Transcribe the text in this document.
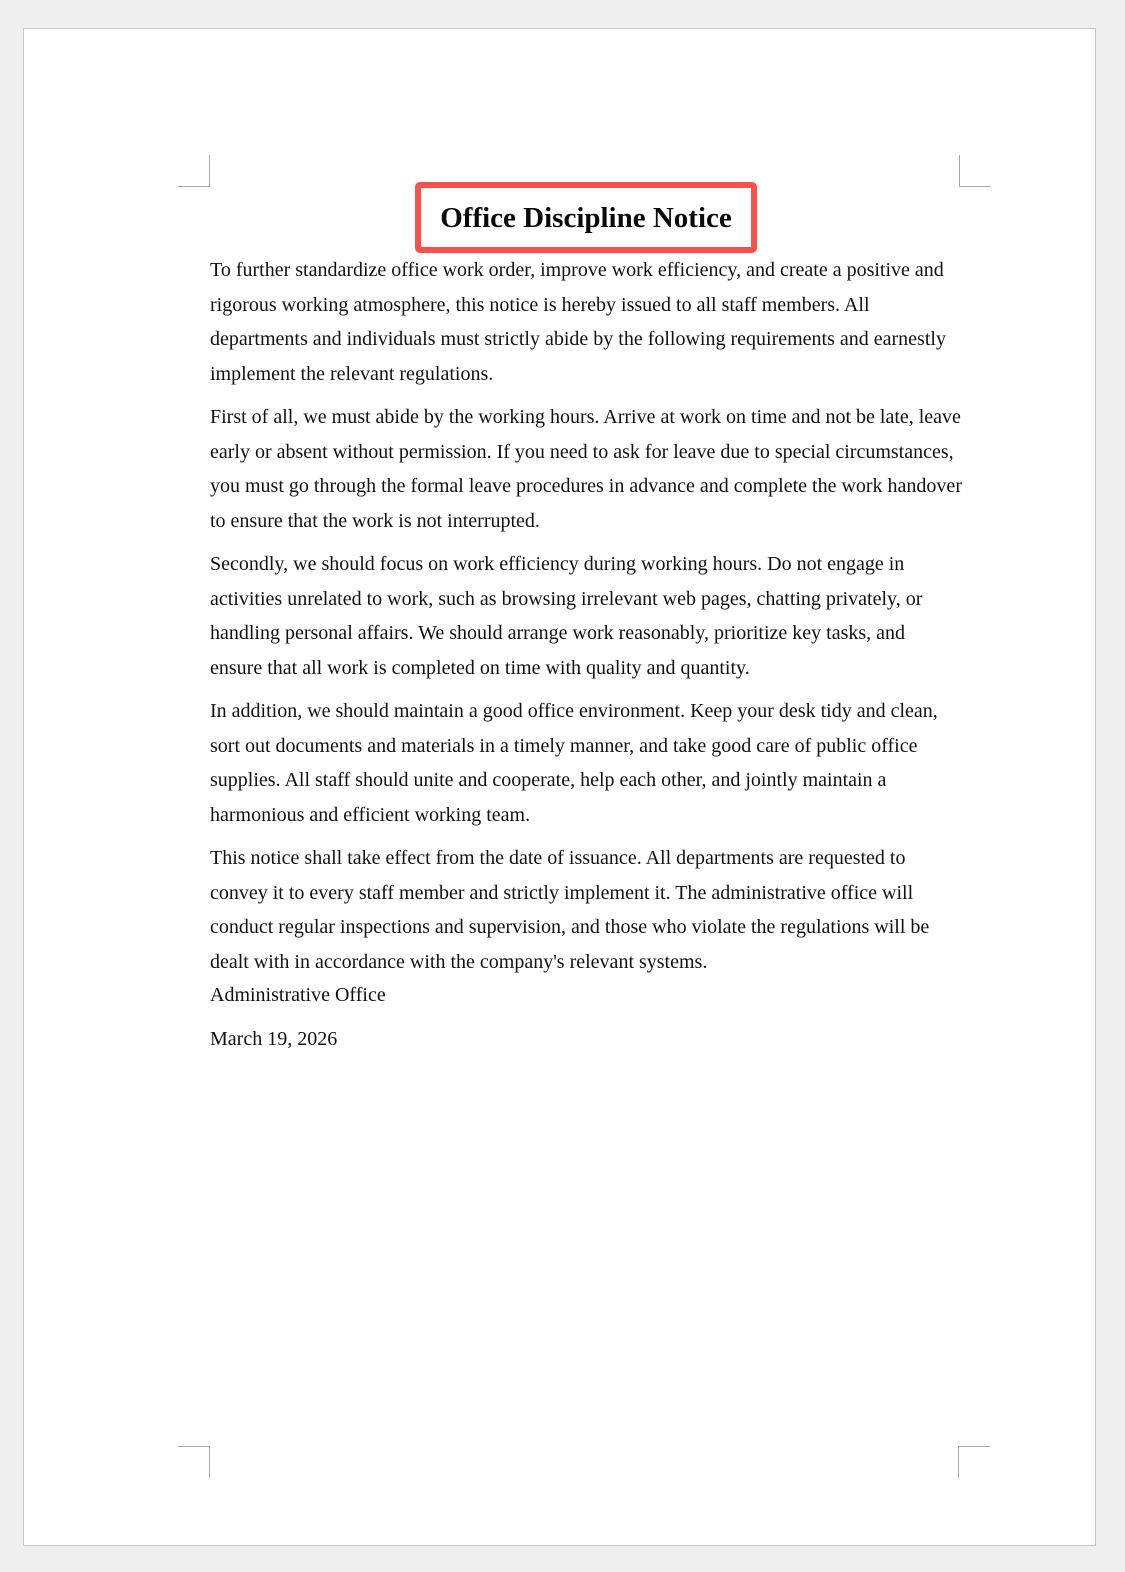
Office Discipline Notice

To further standardize office work order, improve work efficiency, and create a positive and rigorous working atmosphere, this notice is hereby issued to all staff members. All departments and individuals must strictly abide by the following requirements and earnestly implement the relevant regulations.

First of all, we must abide by the working hours. Arrive at work on time and not be late, leave early or absent without permission. If you need to ask for leave due to special circumstances, you must go through the formal leave procedures in advance and complete the work handover to ensure that the work is not interrupted.

Secondly, we should focus on work efficiency during working hours. Do not engage in activities unrelated to work, such as browsing irrelevant web pages, chatting privately, or handling personal affairs. We should arrange work reasonably, prioritize key tasks, and ensure that all work is completed on time with quality and quantity.

In addition, we should maintain a good office environment. Keep your desk tidy and clean, sort out documents and materials in a timely manner, and take good care of public office supplies. All staff should unite and cooperate, help each other, and jointly maintain a harmonious and efficient working team.

This notice shall take effect from the date of issuance. All departments are requested to convey it to every staff member and strictly implement it. The administrative office will conduct regular inspections and supervision, and those who violate the regulations will be dealt with in accordance with the company's relevant systems.

Administrative Office

March 19, 2026
